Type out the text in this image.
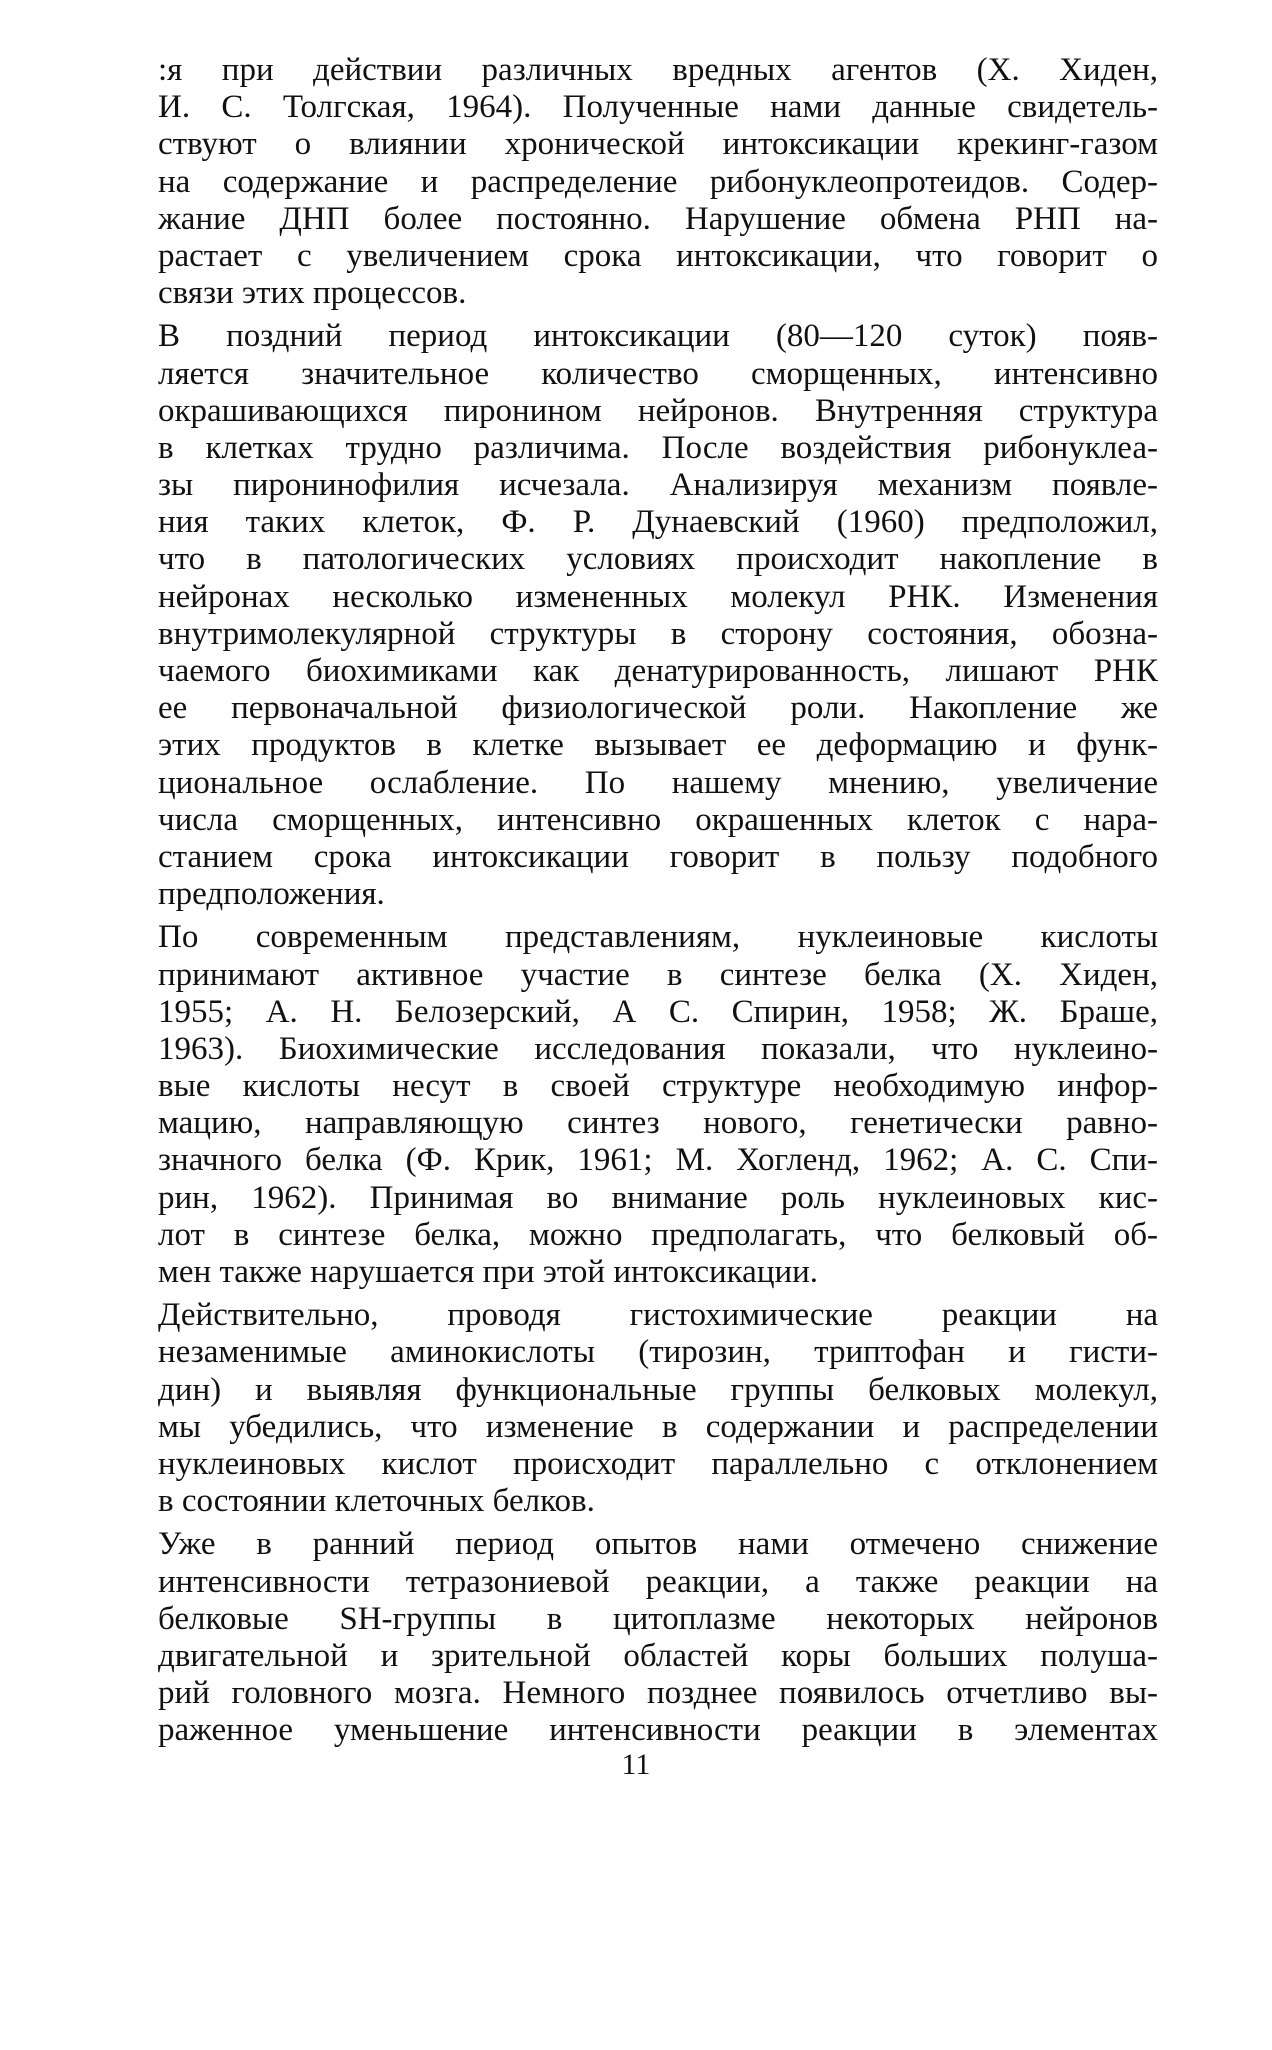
:я при действии различных вредных агентов (Х. Хиден,
И. С. Толгская, 1964). Полученные нами данные свидетель-
ствуют о влиянии хронической интоксикации крекинг-газом
на содержание и распределение рибонуклеопротеидов. Содер-
жание ДНП более постоянно. Нарушение обмена РНП на-
растает с увеличением срока интоксикации, что говорит о
связи этих процессов.
В поздний период интоксикации (80—120 суток) появ-
ляется значительное количество сморщенных, интенсивно
окрашивающихся пиронином нейронов. Внутренняя структура
в клетках трудно различима. После воздействия рибонуклеа-
зы пиронинофилия исчезала. Анализируя механизм появле-
ния таких клеток, Ф. Р. Дунаевский (1960) предположил,
что в патологических условиях происходит накопление в
нейронах несколько измененных молекул РНК. Изменения
внутримолекулярной структуры в сторону состояния, обозна-
чаемого биохимиками как денатурированность, лишают РНК
ее первоначальной физиологической роли. Накопление же
этих продуктов в клетке вызывает ее деформацию и функ-
циональное ослабление. По нашему мнению, увеличение
числа сморщенных, интенсивно окрашенных клеток с нара-
станием срока интоксикации говорит в пользу подобного
предположения.
По современным представлениям, нуклеиновые кислоты
принимают активное участие в синтезе белка (Х. Хиден,
1955; А. Н. Белозерский, А С. Спирин, 1958; Ж. Браше,
1963). Биохимические исследования показали, что нуклеино-
вые кислоты несут в своей структуре необходимую инфор-
мацию, направляющую синтез нового, генетически равно-
значного белка (Ф. Крик, 1961; М. Хогленд, 1962; А. С. Спи-
рин, 1962). Принимая во внимание роль нуклеиновых кис-
лот в синтезе белка, можно предполагать, что белковый об-
мен также нарушается при этой интоксикации.
Действительно, проводя гистохимические реакции на
незаменимые аминокислоты (тирозин, триптофан и гисти-
дин) и выявляя функциональные группы белковых молекул,
мы убедились, что изменение в содержании и распределении
нуклеиновых кислот происходит параллельно с отклонением
в состоянии клеточных белков.
Уже в ранний период опытов нами отмечено снижение
интенсивности тетразониевой реакции, а также реакции на
белковые SH-группы в цитоплазме некоторых нейронов
двигательной и зрительной областей коры больших полуша-
рий головного мозга. Немного позднее появилось отчетливо вы-
раженное уменьшение интенсивности реакции в элементах
11
